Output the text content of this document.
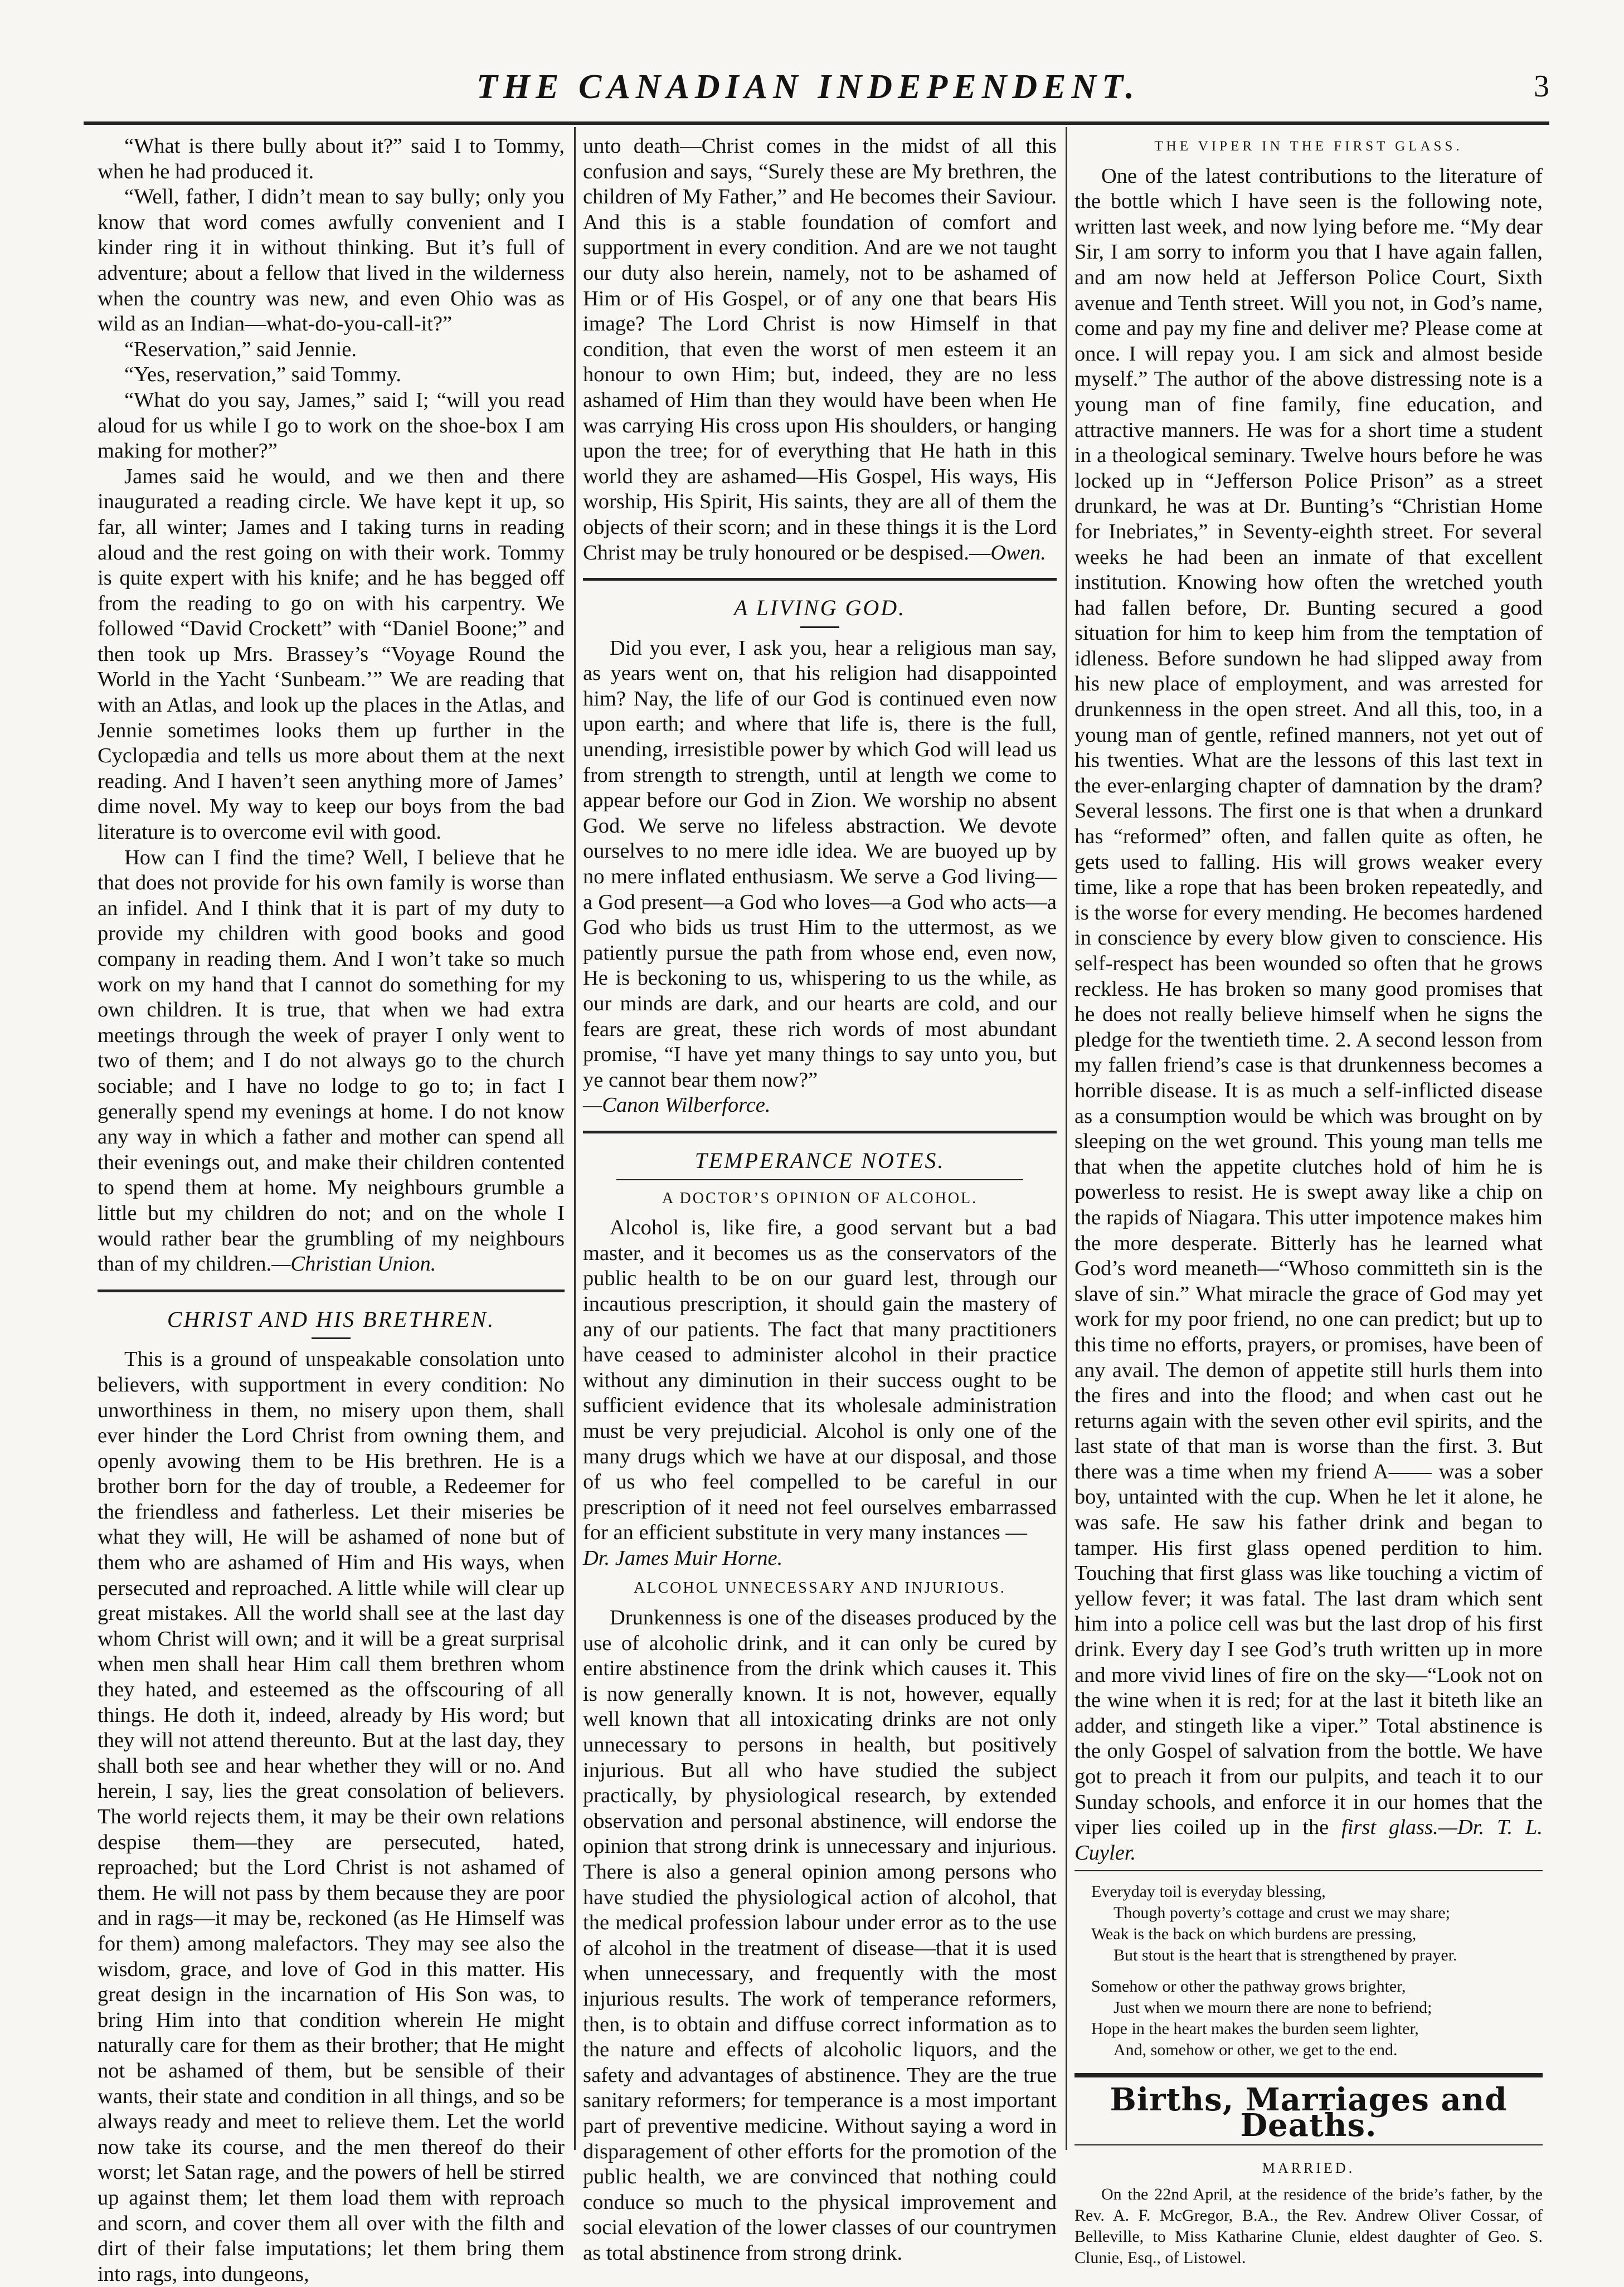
THE CANADIAN INDEPENDENT.	3

“What is there bully about it?” said I to Tommy, when he had produced it.

“Well, father, I didn’t mean to say bully; only you know that word comes awfully convenient and I kinder ring it in without thinking. But it’s full of adventure; about a fellow that lived in the wilderness when the country was new, and even Ohio was as wild as an Indian—what-do-you-call-it?”

“Reservation,” said Jennie.

“Yes, reservation,” said Tommy.

“What do you say, James,” said I; “will you read aloud for us while I go to work on the shoe-box I am making for mother?”

James said he would, and we then and there inaugurated a reading circle. We have kept it up, so far, all winter; James and I taking turns in reading aloud and the rest going on with their work. Tommy is quite expert with his knife; and he has begged off from the reading to go on with his carpentry. We followed “David Crockett” with “Daniel Boone;” and then took up Mrs. Brassey’s “Voyage Round the World in the Yacht ‘Sunbeam.’” We are reading that with an Atlas, and look up the places in the Atlas, and Jennie sometimes looks them up further in the Cyclopædia and tells us more about them at the next reading. And I haven’t seen anything more of James’ dime novel. My way to keep our boys from the bad literature is to overcome evil with good.

How can I find the time? Well, I believe that he that does not provide for his own family is worse than an infidel. And I think that it is part of my duty to provide my children with good books and good company in reading them. And I won’t take so much work on my hand that I cannot do something for my own children. It is true, that when we had extra meetings through the week of prayer I only went to two of them; and I do not always go to the church sociable; and I have no lodge to go to; in fact I generally spend my evenings at home. I do not know any way in which a father and mother can spend all their evenings out, and make their children contented to spend them at home. My neighbours grumble a little but my children do not; and on the whole I would rather bear the grumbling of my neighbours than of my children.—Christian Union.

CHRIST AND HIS BRETHREN.

This is a ground of unspeakable consolation unto believers, with supportment in every condition: No unworthiness in them, no misery upon them, shall ever hinder the Lord Christ from owning them, and openly avowing them to be His brethren. He is a brother born for the day of trouble, a Redeemer for the friendless and fatherless. Let their miseries be what they will, He will be ashamed of none but of them who are ashamed of Him and His ways, when persecuted and reproached. A little while will clear up great mistakes. All the world shall see at the last day whom Christ will own; and it will be a great surprisal when men shall hear Him call them brethren whom they hated, and esteemed as the offscouring of all things. He doth it, indeed, already by His word; but they will not attend thereunto. But at the last day, they shall both see and hear whether they will or no. And herein, I say, lies the great consolation of believers. The world rejects them, it may be their own relations despise them—they are persecuted, hated, reproached; but the Lord Christ is not ashamed of them. He will not pass by them because they are poor and in rags—it may be, reckoned (as He Himself was for them) among malefactors. They may see also the wisdom, grace, and love of God in this matter. His great design in the incarnation of His Son was, to bring Him into that condition wherein He might naturally care for them as their brother; that He might not be ashamed of them, but be sensible of their wants, their state and condition in all things, and so be always ready and meet to relieve them. Let the world now take its course, and the men thereof do their worst; let Satan rage, and the powers of hell be stirred up against them; let them load them with reproach and scorn, and cover them all over with the filth and dirt of their false imputations; let them bring them into rags, into dungeons,

unto death—Christ comes in the midst of all this confusion and says, “Surely these are My brethren, the children of My Father,” and He becomes their Saviour. And this is a stable foundation of comfort and supportment in every condition. And are we not taught our duty also herein, namely, not to be ashamed of Him or of His Gospel, or of any one that bears His image? The Lord Christ is now Himself in that condition, that even the worst of men esteem it an honour to own Him; but, indeed, they are no less ashamed of Him than they would have been when He was carrying His cross upon His shoulders, or hanging upon the tree; for of everything that He hath in this world they are ashamed—His Gospel, His ways, His worship, His Spirit, His saints, they are all of them the objects of their scorn; and in these things it is the Lord Christ may be truly honoured or be despised.—Owen.

A LIVING GOD.

Did you ever, I ask you, hear a religious man say, as years went on, that his religion had disappointed him? Nay, the life of our God is continued even now upon earth; and where that life is, there is the full, unending, irresistible power by which God will lead us from strength to strength, until at length we come to appear before our God in Zion. We worship no absent God. We serve no lifeless abstraction. We devote ourselves to no mere idle idea. We are buoyed up by no mere inflated enthusiasm. We serve a God living—a God present—a God who loves—a God who acts—a God who bids us trust Him to the uttermost, as we patiently pursue the path from whose end, even now, He is beckoning to us, whispering to us the while, as our minds are dark, and our hearts are cold, and our fears are great, these rich words of most abundant promise, “I have yet many things to say unto you, but ye cannot bear them now?”

—Canon Wilberforce.

TEMPERANCE NOTES.
A DOCTOR’S OPINION OF ALCOHOL.

Alcohol is, like fire, a good servant but a bad master, and it becomes us as the conservators of the public health to be on our guard lest, through our incautious prescription, it should gain the mastery of any of our patients. The fact that many practitioners have ceased to administer alcohol in their practice without any diminution in their success ought to be sufficient evidence that its wholesale administration must be very prejudicial. Alcohol is only one of the many drugs which we have at our disposal, and those of us who feel compelled to be careful in our prescription of it need not feel ourselves embarrassed for an efficient substitute in very many instances —

Dr. James Muir Horne.

ALCOHOL UNNECESSARY AND INJURIOUS.

Drunkenness is one of the diseases produced by the use of alcoholic drink, and it can only be cured by entire abstinence from the drink which causes it. This is now generally known. It is not, however, equally well known that all intoxicating drinks are not only unnecessary to persons in health, but positively injurious. But all who have studied the subject practically, by physiological research, by extended observation and personal abstinence, will endorse the opinion that strong drink is unnecessary and injurious. There is also a general opinion among persons who have studied the physiological action of alcohol, that the medical profession labour under error as to the use of alcohol in the treatment of disease—that it is used when unnecessary, and frequently with the most injurious results. The work of temperance reformers, then, is to obtain and diffuse correct information as to the nature and effects of alcoholic liquors, and the safety and advantages of abstinence. They are the true sanitary reformers; for temperance is a most important part of preventive medicine. Without saying a word in disparagement of other efforts for the promotion of the public health, we are convinced that nothing could conduce so much to the physical improvement and social elevation of the lower classes of our countrymen as total abstinence from strong drink.

THE VIPER IN THE FIRST GLASS.

One of the latest contributions to the literature of the bottle which I have seen is the following note, written last week, and now lying before me. “My dear Sir, I am sorry to inform you that I have again fallen, and am now held at Jefferson Police Court, Sixth avenue and Tenth street. Will you not, in God’s name, come and pay my fine and deliver me? Please come at once. I will repay you. I am sick and almost beside myself.” The author of the above distressing note is a young man of fine family, fine education, and attractive manners. He was for a short time a student in a theological seminary. Twelve hours before he was locked up in “Jefferson Police Prison” as a street drunkard, he was at Dr. Bunting’s “Christian Home for Inebriates,” in Seventy-eighth street. For several weeks he had been an inmate of that excellent institution. Knowing how often the wretched youth had fallen before, Dr. Bunting secured a good situation for him to keep him from the temptation of idleness. Before sundown he had slipped away from his new place of employment, and was arrested for drunkenness in the open street. And all this, too, in a young man of gentle, refined manners, not yet out of his twenties. What are the lessons of this last text in the ever-enlarging chapter of damnation by the dram? Several lessons. The first one is that when a drunkard has “reformed” often, and fallen quite as often, he gets used to falling. His will grows weaker every time, like a rope that has been broken repeatedly, and is the worse for every mending. He becomes hardened in conscience by every blow given to conscience. His self-respect has been wounded so often that he grows reckless. He has broken so many good promises that he does not really believe himself when he signs the pledge for the twentieth time. 2. A second lesson from my fallen friend’s case is that drunkenness becomes a horrible disease. It is as much a self-inflicted disease as a consumption would be which was brought on by sleeping on the wet ground. This young man tells me that when the appetite clutches hold of him he is powerless to resist. He is swept away like a chip on the rapids of Niagara. This utter impotence makes him the more desperate. Bitterly has he learned what God’s word meaneth—“Whoso committeth sin is the slave of sin.” What miracle the grace of God may yet work for my poor friend, no one can predict; but up to this time no efforts, prayers, or promises, have been of any avail. The demon of appetite still hurls them into the fires and into the flood; and when cast out he returns again with the seven other evil spirits, and the last state of that man is worse than the first. 3. But there was a time when my friend A—— was a sober boy, untainted with the cup. When he let it alone, he was safe. He saw his father drink and began to tamper. His first glass opened perdition to him. Touching that first glass was like touching a victim of yellow fever; it was fatal. The last dram which sent him into a police cell was but the last drop of his first drink. Every day I see God’s truth written up in more and more vivid lines of fire on the sky—“Look not on the wine when it is red; for at the last it biteth like an adder, and stingeth like a viper.” Total abstinence is the only Gospel of salvation from the bottle. We have got to preach it from our pulpits, and teach it to our Sunday schools, and enforce it in our homes that the viper lies coiled up in the first glass.—Dr. T. L. Cuyler.

Everyday toil is everyday blessing,
Though poverty’s cottage and crust we may share;
Weak is the back on which burdens are pressing,
But stout is the heart that is strengthened by prayer.
Somehow or other the pathway grows brighter,
Just when we mourn there are none to befriend;
Hope in the heart makes the burden seem lighter,
And, somehow or other, we get to the end.
Births, Marriages and Deaths.
MARRIED.

On the 22nd April, at the residence of the bride’s father, by the Rev. A. F. McGregor, B.A., the Rev. Andrew Oliver Cossar, of Belleville, to Miss Katharine Clunie, eldest daughter of Geo. S. Clunie, Esq., of Listowel.
